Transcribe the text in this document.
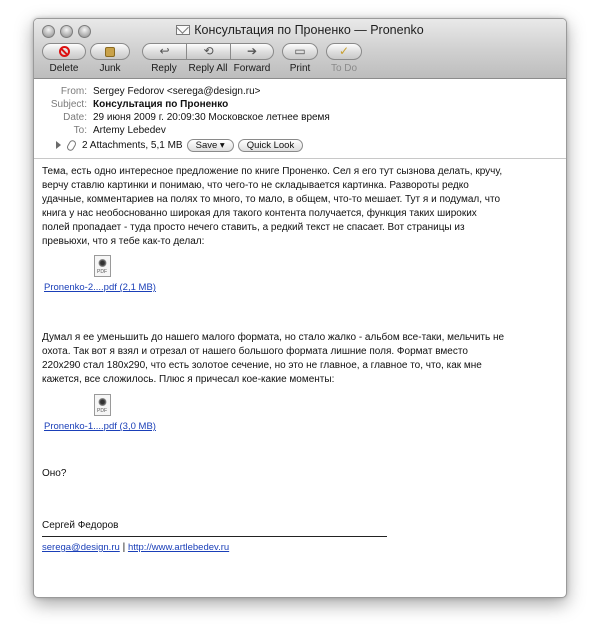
Консультация по Проненко — Pronenko
Delete	Junk
↩	⟲	➔
Reply	Reply All Forward
▭
Print
✓
To Do
From: Sergey Fedorov <serega@design.ru>
Subject: Консультация по Проненко
Date: 29 июня 2009 г. 20:09:30 Московское летнее время
To: Artemy Lebedev
2 Attachments, 5,1 MB	Save ▾	Quick Look
Тема, есть одно интересное предложение по книге Проненко. Сел я его тут сызнова делать, кручу,
верчу ставлю картинки и понимаю, что чего-то не складывается картинка. Развороты редко
удачные, комментариев на полях то много, то мало, в общем, что-то мешает. Тут я и подумал, что
книга у нас необоснованно широкая для такого контента получается, функция таких широких
полей пропадает - туда просто нечего ставить, а редкий текст не спасает. Вот страницы из
превьюхи, что я тебе как-то делал:
PDF
Pronenko-2....pdf (2,1 MB)
Думал я ее уменьшить до нашего малого формата, но стало жалко - альбом все-таки, мельчить не
охота. Так вот я взял и отрезал от нашего большого формата лишние поля. Формат вместо
220х290 стал 180х290, что есть золотое сечение, но это не главное, а главное то, что, как мне
кажется, все сложилось. Плюс я причесал кое-какие моменты:
PDF
Pronenko-1....pdf (3,0 MB)
Оно?
Сергей Федоров
serega@design.ru | http://www.artlebedev.ru
